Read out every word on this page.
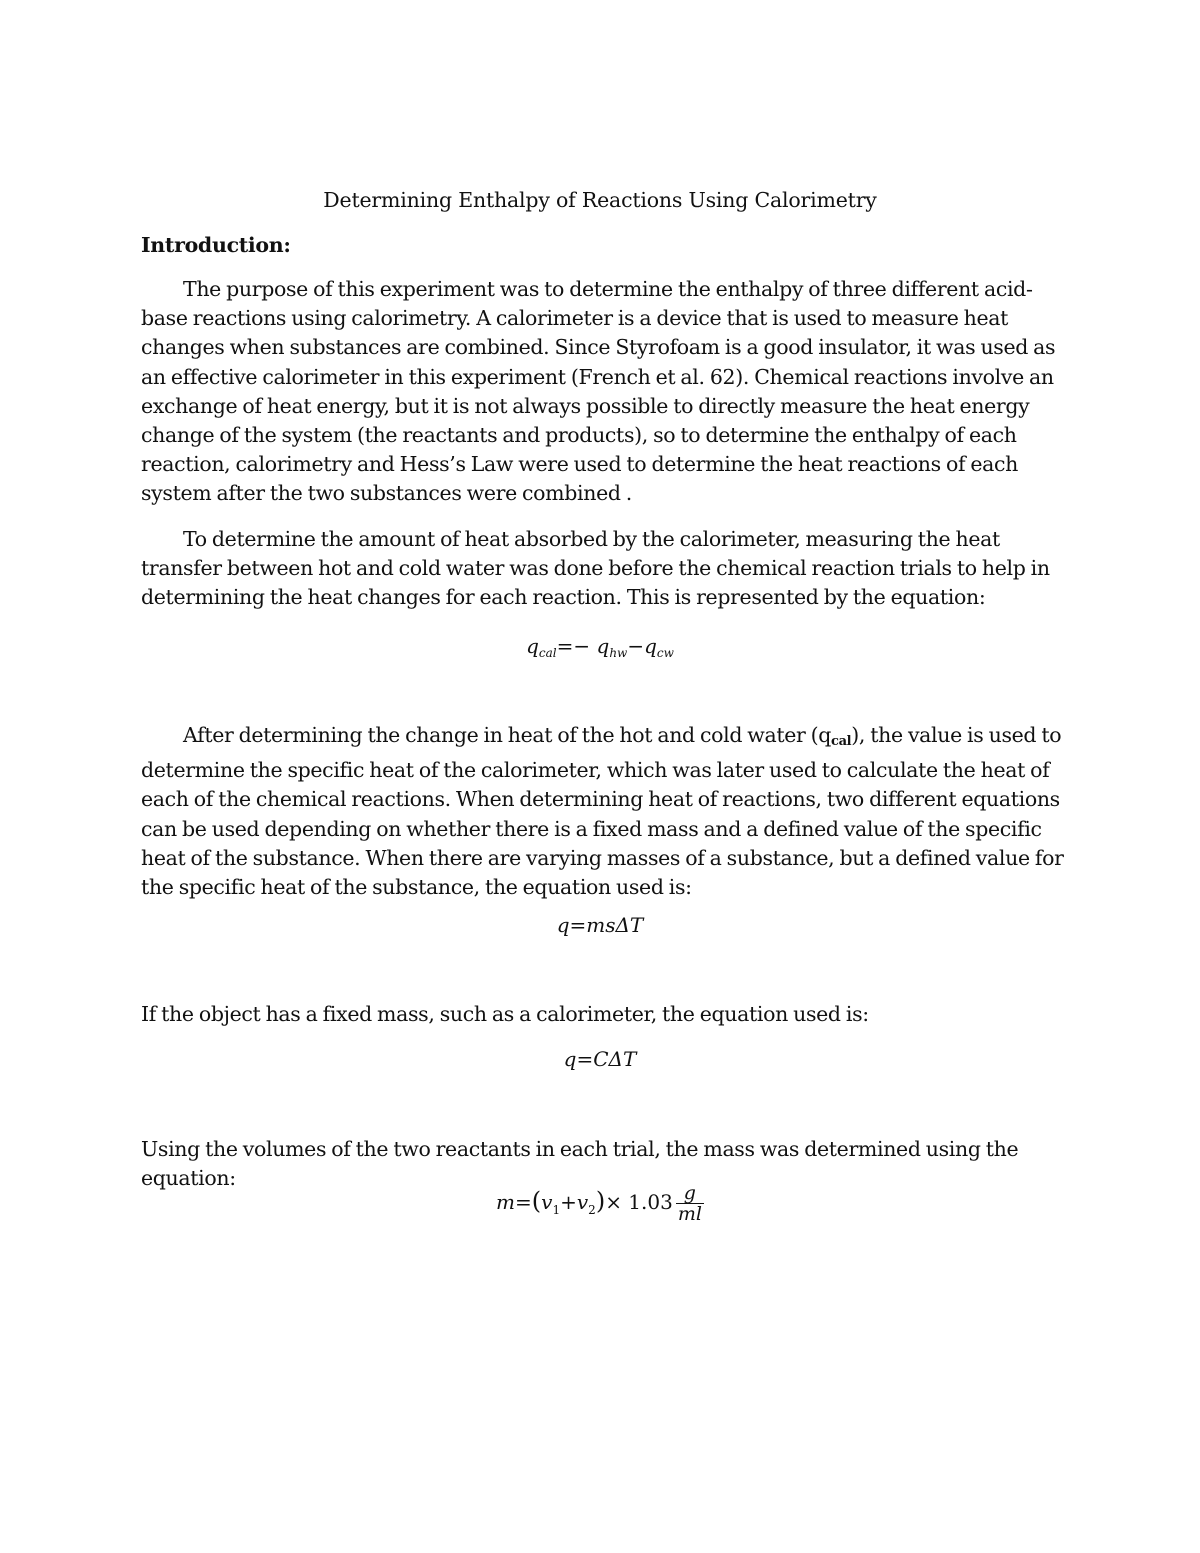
Determining Enthalpy of Reactions Using Calorimetry
Introduction:

The purpose of this experiment was to determine the enthalpy of three different acid-base reactions using calorimetry. A calorimeter is a device that is used to measure heat changes when substances are combined. Since Styrofoam is a good insulator, it was used as an effective calorimeter in this experiment (French et al. 62). Chemical reactions involve an exchange of heat energy, but it is not always possible to directly measure the heat energy change of the system (the reactants and products), so to determine the enthalpy of each reaction, calorimetry and Hess’s Law were used to determine the heat reactions of each system after the two substances were combined .

To determine the amount of heat absorbed by the calorimeter, measuring the heat transfer between hot and cold water was done before the chemical reaction trials to help in determining the heat changes for each reaction. This is represented by the equation:

$q_{cal}=- q_{hw}-q_{cw}$

After determining the change in heat of the hot and cold water (qcal), the value is used to determine the specific heat of the calorimeter, which was later used to calculate the heat of each of the chemical reactions. When determining heat of reactions, two different equations can be used depending on whether there is a fixed mass and a defined value of the specific heat of the substance. When there are varying masses of a substance, but a defined value for the specific heat of the substance, the equation used is:

q=msΔT

If the object has a fixed mass, such as a calorimeter, the equation used is:

q=CΔT

Using the volumes of the two reactants in each trial, the mass was determined using the equation:

$m=(v_1+v_2)\times 1.03 \frac{g}{ml}$
